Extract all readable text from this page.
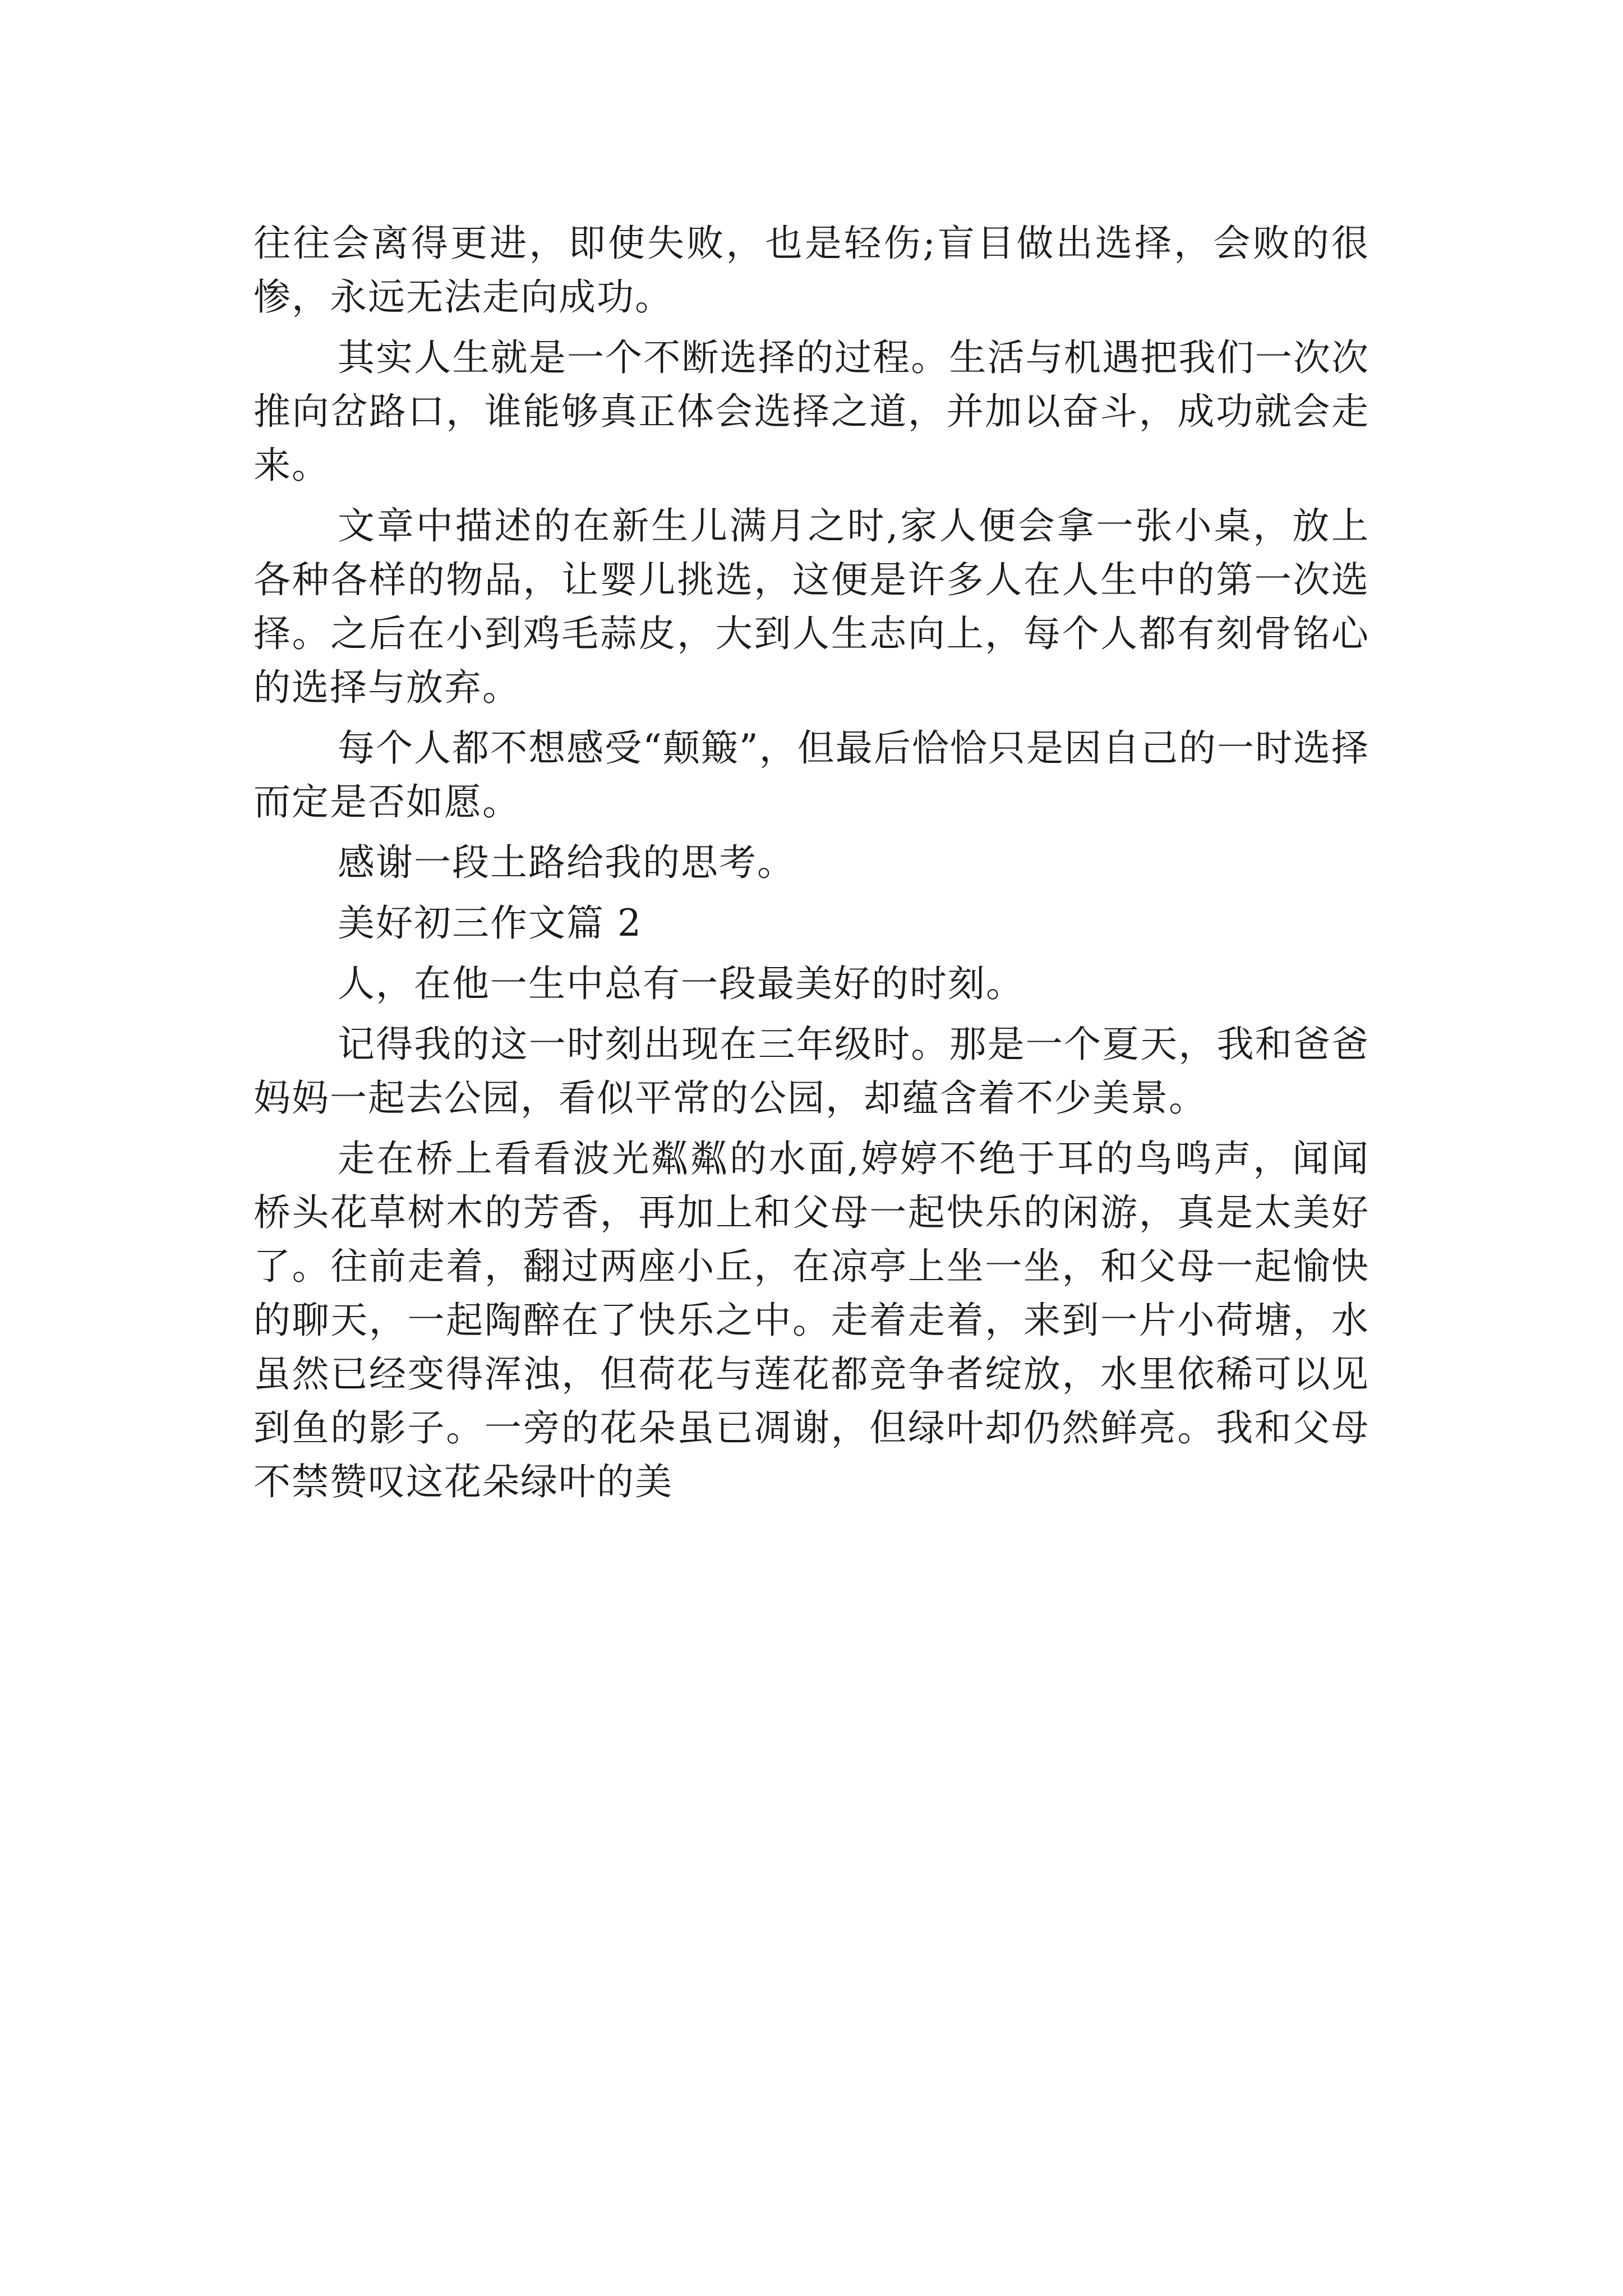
往往会离得更进，即使失败，也是轻伤;盲目做出选择，会败的很惨，永远无法走向成功。

其实人生就是一个不断选择的过程。生活与机遇把我们一次次推向岔路口，谁能够真正体会选择之道，并加以奋斗，成功就会走来。

文章中描述的在新生儿满月之时,家人便会拿一张小桌，放上各种各样的物品，让婴儿挑选，这便是许多人在人生中的第一次选择。之后在小到鸡毛蒜皮，大到人生志向上，每个人都有刻骨铭心的选择与放弃。

每个人都不想感受“颠簸”，但最后恰恰只是因自己的一时选择而定是否如愿。

感谢一段土路给我的思考。

美好初三作文篇 2

人，在他一生中总有一段最美好的时刻。

记得我的这一时刻出现在三年级时。那是一个夏天，我和爸爸妈妈一起去公园，看似平常的公园，却蕴含着不少美景。

走在桥上看看波光粼粼的水面,婷婷不绝于耳的鸟鸣声，闻闻桥头花草树木的芳香，再加上和父母一起快乐的闲游，真是太美好了。往前走着，翻过两座小丘，在凉亭上坐一坐，和父母一起愉快的聊天，一起陶醉在了快乐之中。走着走着，来到一片小荷塘，水虽然已经变得浑浊，但荷花与莲花都竞争者绽放，水里依稀可以见到鱼的影子。一旁的花朵虽已凋谢，但绿叶却仍然鲜亮。我和父母不禁赞叹这花朵绿叶的美
